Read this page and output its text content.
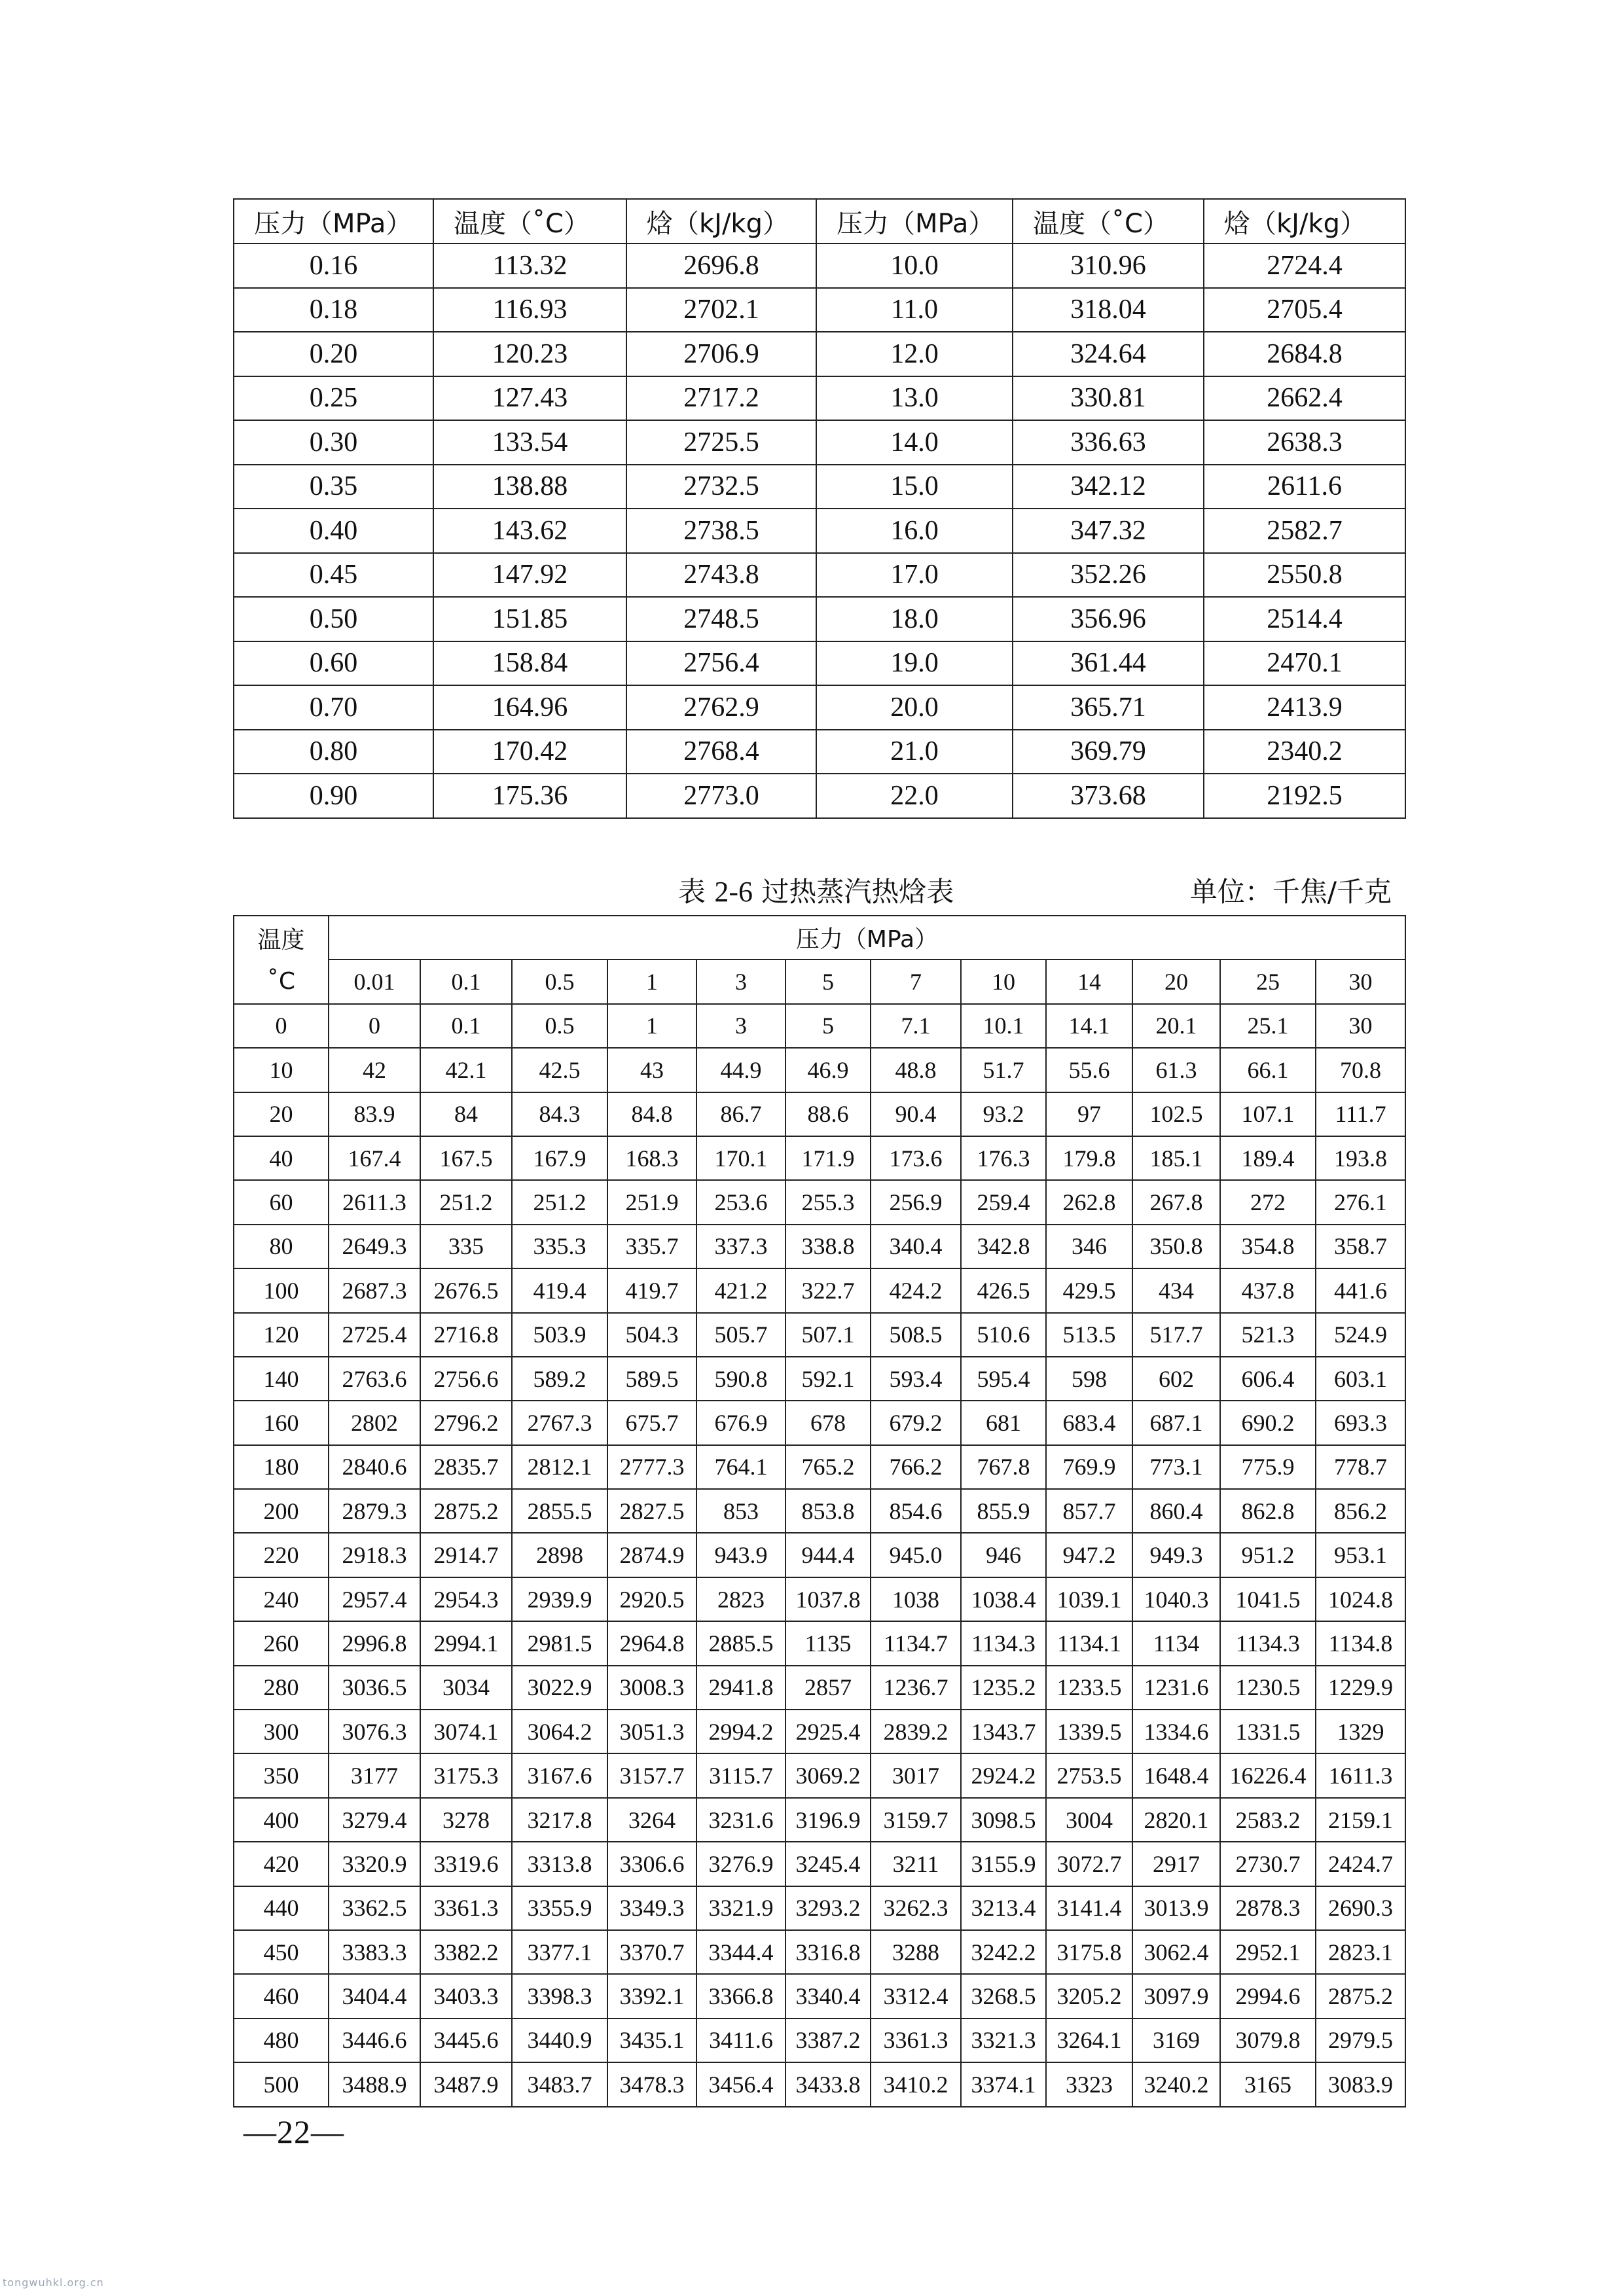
压力（MPa）	温度（˚C）	焓（kJ/kg）	压力（MPa）	温度（˚C）	焓（kJ/kg）
0.16	113.32	2696.8	10.0	310.96	2724.4
0.18	116.93	2702.1	11.0	318.04	2705.4
0.20	120.23	2706.9	12.0	324.64	2684.8
0.25	127.43	2717.2	13.0	330.81	2662.4
0.30	133.54	2725.5	14.0	336.63	2638.3
0.35	138.88	2732.5	15.0	342.12	2611.6
0.40	143.62	2738.5	16.0	347.32	2582.7
0.45	147.92	2743.8	17.0	352.26	2550.8
0.50	151.85	2748.5	18.0	356.96	2514.4
0.60	158.84	2756.4	19.0	361.44	2470.1
0.70	164.96	2762.9	20.0	365.71	2413.9
0.80	170.42	2768.4	21.0	369.79	2340.2
0.90	175.36	2773.0	22.0	373.68	2192.5
表 2-6 过热蒸汽热焓表	单位：千焦/千克
温度	压力（MPa）											
˚C	0.01	0.1	0.5	1	3	5	7	10	14	20	25	30
0	0	0.1	0.5	1	3	5	7.1	10.1	14.1	20.1	25.1	30
10	42	42.1	42.5	43	44.9	46.9	48.8	51.7	55.6	61.3	66.1	70.8
20	83.9	84	84.3	84.8	86.7	88.6	90.4	93.2	97	102.5	107.1	111.7
40	167.4	167.5	167.9	168.3	170.1	171.9	173.6	176.3	179.8	185.1	189.4	193.8
60	2611.3	251.2	251.2	251.9	253.6	255.3	256.9	259.4	262.8	267.8	272	276.1
80	2649.3	335	335.3	335.7	337.3	338.8	340.4	342.8	346	350.8	354.8	358.7
100	2687.3	2676.5	419.4	419.7	421.2	322.7	424.2	426.5	429.5	434	437.8	441.6
120	2725.4	2716.8	503.9	504.3	505.7	507.1	508.5	510.6	513.5	517.7	521.3	524.9
140	2763.6	2756.6	589.2	589.5	590.8	592.1	593.4	595.4	598	602	606.4	603.1
160	2802	2796.2	2767.3	675.7	676.9	678	679.2	681	683.4	687.1	690.2	693.3
180	2840.6	2835.7	2812.1	2777.3	764.1	765.2	766.2	767.8	769.9	773.1	775.9	778.7
200	2879.3	2875.2	2855.5	2827.5	853	853.8	854.6	855.9	857.7	860.4	862.8	856.2
220	2918.3	2914.7	2898	2874.9	943.9	944.4	945.0	946	947.2	949.3	951.2	953.1
240	2957.4	2954.3	2939.9	2920.5	2823	1037.8	1038	1038.4	1039.1	1040.3	1041.5	1024.8
260	2996.8	2994.1	2981.5	2964.8	2885.5	1135	1134.7	1134.3	1134.1	1134	1134.3	1134.8
280	3036.5	3034	3022.9	3008.3	2941.8	2857	1236.7	1235.2	1233.5	1231.6	1230.5	1229.9
300	3076.3	3074.1	3064.2	3051.3	2994.2	2925.4	2839.2	1343.7	1339.5	1334.6	1331.5	1329
350	3177	3175.3	3167.6	3157.7	3115.7	3069.2	3017	2924.2	2753.5	1648.4	16226.4	1611.3
400	3279.4	3278	3217.8	3264	3231.6	3196.9	3159.7	3098.5	3004	2820.1	2583.2	2159.1
420	3320.9	3319.6	3313.8	3306.6	3276.9	3245.4	3211	3155.9	3072.7	2917	2730.7	2424.7
440	3362.5	3361.3	3355.9	3349.3	3321.9	3293.2	3262.3	3213.4	3141.4	3013.9	2878.3	2690.3
450	3383.3	3382.2	3377.1	3370.7	3344.4	3316.8	3288	3242.2	3175.8	3062.4	2952.1	2823.1
460	3404.4	3403.3	3398.3	3392.1	3366.8	3340.4	3312.4	3268.5	3205.2	3097.9	2994.6	2875.2
480	3446.6	3445.6	3440.9	3435.1	3411.6	3387.2	3361.3	3321.3	3264.1	3169	3079.8	2979.5
500	3488.9	3487.9	3483.7	3478.3	3456.4	3433.8	3410.2	3374.1	3323	3240.2	3165	3083.9
—22—
tongwuhkl.org.cn
